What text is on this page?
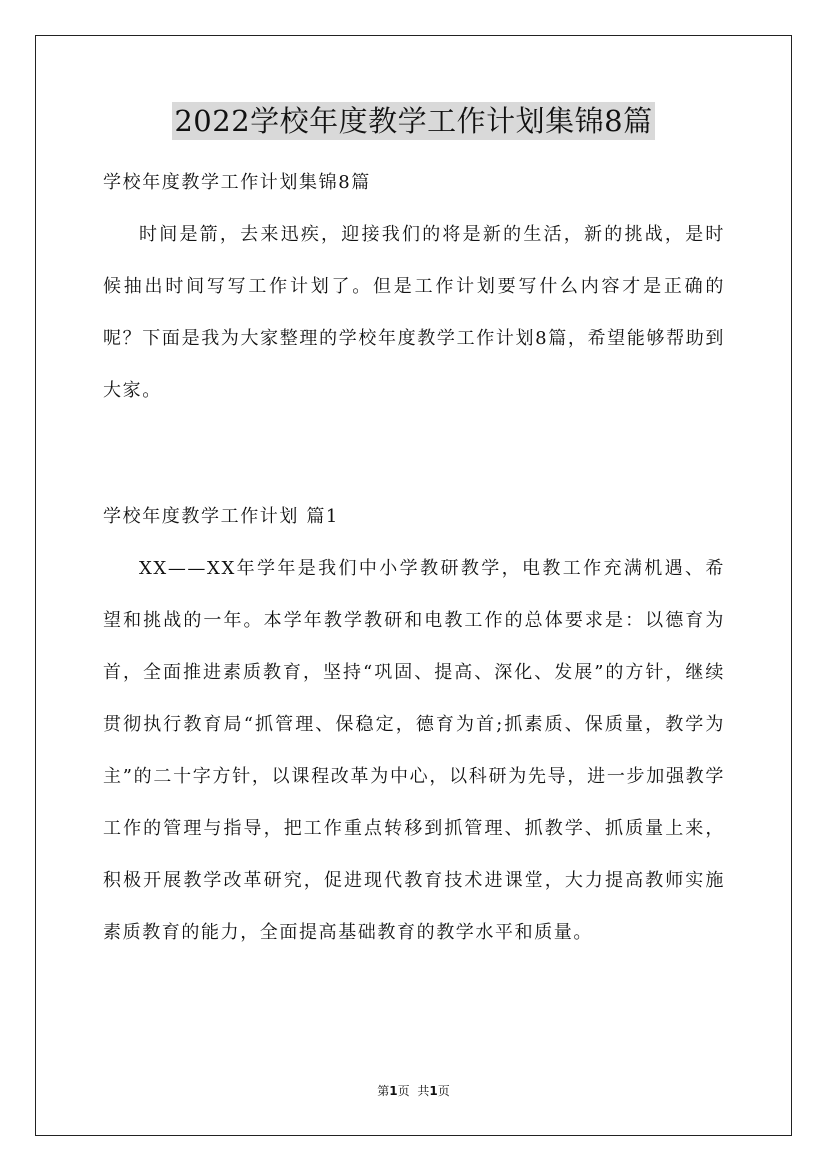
2022学校年度教学工作计划集锦8篇

学校年度教学工作计划集锦8篇

时间是箭，去来迅疾，迎接我们的将是新的生活，新的挑战，是时候抽出时间写写工作计划了。但是工作计划要写什么内容才是正确的呢？下面是我为大家整理的学校年度教学工作计划8篇，希望能够帮助到大家。

学校年度教学工作计划 篇1

XX——XX年学年是我们中小学教研教学，电教工作充满机遇、希望和挑战的一年。本学年教学教研和电教工作的总体要求是：以德育为首，全面推进素质教育，坚持“巩固、提高、深化、发展”的方针，继续贯彻执行教育局“抓管理、保稳定，德育为首;抓素质、保质量，教学为主”的二十字方针，以课程改革为中心，以科研为先导，进一步加强教学工作的管理与指导，把工作重点转移到抓管理、抓教学、抓质量上来，积极开展教学改革研究，促进现代教育技术进课堂，大力提高教师实施素质教育的能力，全面提高基础教育的教学水平和质量。

第1页 共1页
